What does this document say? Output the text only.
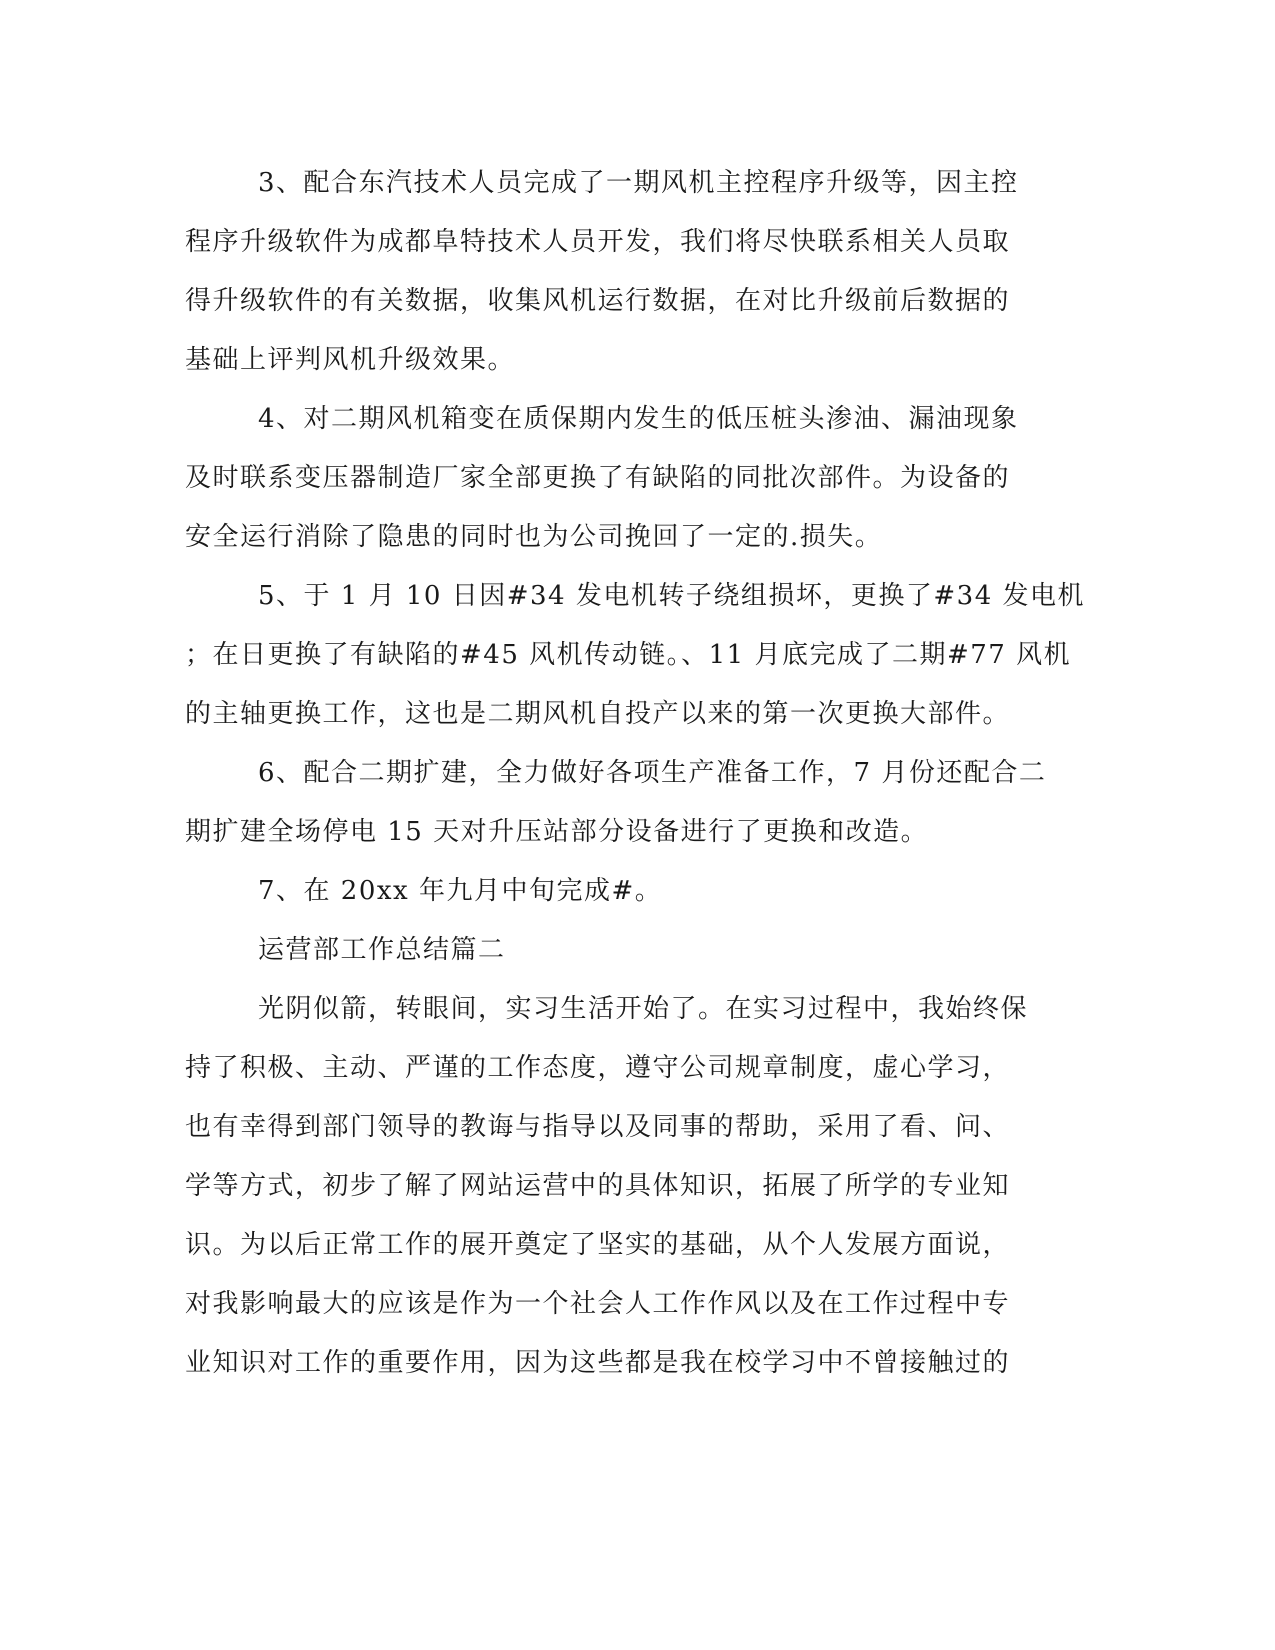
3、配合东汽技术人员完成了一期风机主控程序升级等，因主控
程序升级软件为成都阜特技术人员开发，我们将尽快联系相关人员取
得升级软件的有关数据，收集风机运行数据，在对比升级前后数据的
基础上评判风机升级效果。
4、对二期风机箱变在质保期内发生的低压桩头渗油、漏油现象
及时联系变压器制造厂家全部更换了有缺陷的同批次部件。为设备的
安全运行消除了隐患的同时也为公司挽回了一定的.损失。
5、于 1 月 10 日因#34 发电机转子绕组损坏，更换了#34 发电机
；在日更换了有缺陷的#45 风机传动链。、11 月底完成了二期#77 风机
的主轴更换工作，这也是二期风机自投产以来的第一次更换大部件。
6、配合二期扩建，全力做好各项生产准备工作，7 月份还配合二
期扩建全场停电 15 天对升压站部分设备进行了更换和改造。
7、在 20xx 年九月中旬完成#。
运营部工作总结篇二
光阴似箭，转眼间，实习生活开始了。在实习过程中，我始终保
持了积极、主动、严谨的工作态度，遵守公司规章制度，虚心学习，
也有幸得到部门领导的教诲与指导以及同事的帮助，采用了看、问、
学等方式，初步了解了网站运营中的具体知识，拓展了所学的专业知
识。为以后正常工作的展开奠定了坚实的基础，从个人发展方面说，
对我影响最大的应该是作为一个社会人工作作风以及在工作过程中专
业知识对工作的重要作用，因为这些都是我在校学习中不曾接触过的
